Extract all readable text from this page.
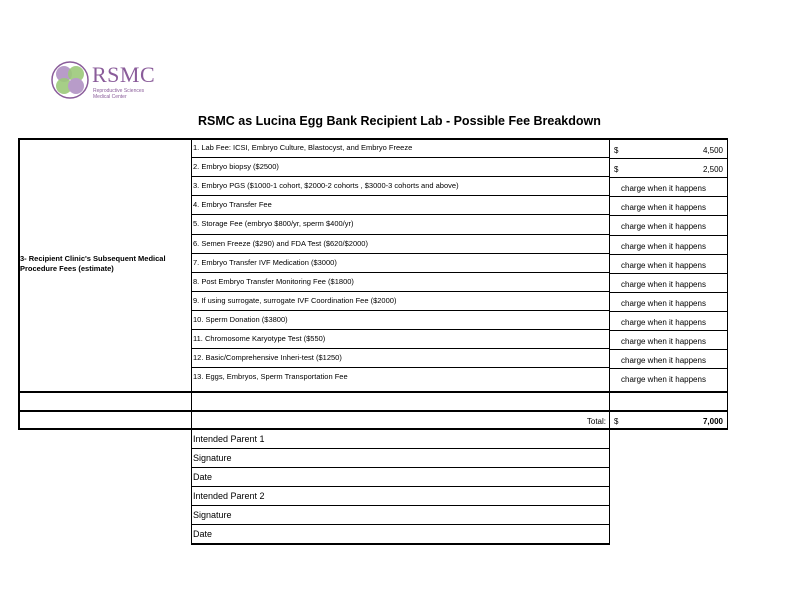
RSMC
Reproductive Sciences
Medical Center
RSMC as Lucina Egg Bank Recipient Lab - Possible Fee Breakdown
3- Recipient Clinic's Subsequent Medical Procedure Fees (estimate)
1. Lab Fee: ICSI, Embryo Culture, Blastocyst, and Embryo Freeze	$	4,500
2. Embryo biopsy ($2500)	$	2,500
3. Embryo PGS ($1000-1 cohort, $2000-2 cohorts , $3000-3 cohorts and above)	charge when it happens
4. Embryo Transfer Fee	charge when it happens
5. Storage Fee (embryo $800/yr, sperm $400/yr)	charge when it happens
6. Semen Freeze ($290) and FDA Test ($620/$2000)	charge when it happens
7. Embryo Transfer IVF Medication ($3000)	charge when it happens
8. Post Embryo Transfer Monitoring Fee ($1800)	charge when it happens
9. If using surrogate, surrogate IVF Coordination Fee ($2000)	charge when it happens
10. Sperm Donation ($3800)	charge when it happens
11. Chromosome Karyotype Test ($550)	charge when it happens
12. Basic/Comprehensive Inheri-test ($1250)	charge when it happens
13. Eggs, Embryos, Sperm Transportation Fee	charge when it happens
Total: $	7,000
Intended Parent 1
Signature
Date
Intended Parent 2
Signature
Date
